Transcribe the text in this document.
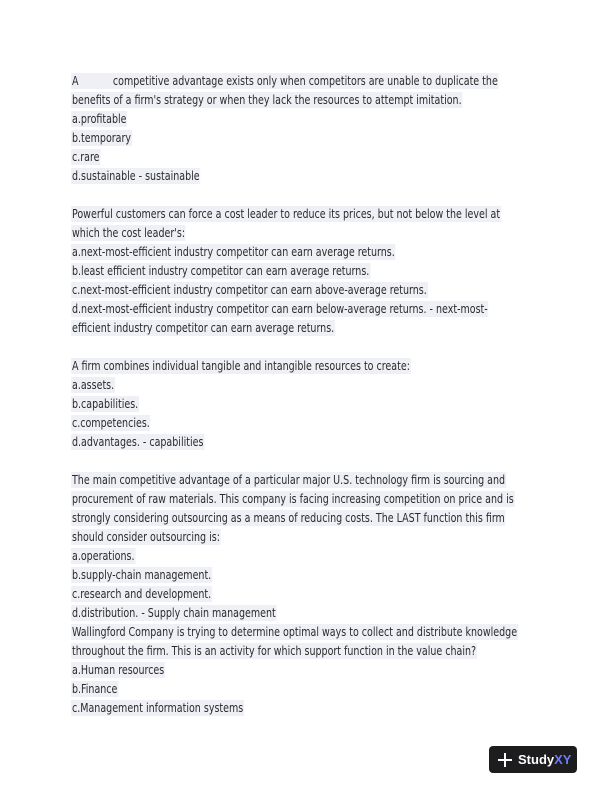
A	competitive advantage exists only when competitors are unable to duplicate the
benefits of a firm's strategy or when they lack the resources to attempt imitation.
a.profitable
b.temporary
c.rare
d.sustainable - sustainable
Powerful customers can force a cost leader to reduce its prices, but not below the level at
which the cost leader's:
a.next-most-efficient industry competitor can earn average returns.
b.least efficient industry competitor can earn average returns.
c.next-most-efficient industry competitor can earn above-average returns.
d.next-most-efficient industry competitor can earn below-average returns. - next-most-
efficient industry competitor can earn average returns.
A firm combines individual tangible and intangible resources to create:
a.assets.
b.capabilities.
c.competencies.
d.advantages. - capabilities
The main competitive advantage of a particular major U.S. technology firm is sourcing and
procurement of raw materials. This company is facing increasing competition on price and is
strongly considering outsourcing as a means of reducing costs. The LAST function this firm
should consider outsourcing is:
a.operations.
b.supply-chain management.
c.research and development.
d.distribution. - Supply chain management
Wallingford Company is trying to determine optimal ways to collect and distribute knowledge
throughout the firm. This is an activity for which support function in the value chain?
a.Human resources
b.Finance
c.Management information systems
StudyXY
